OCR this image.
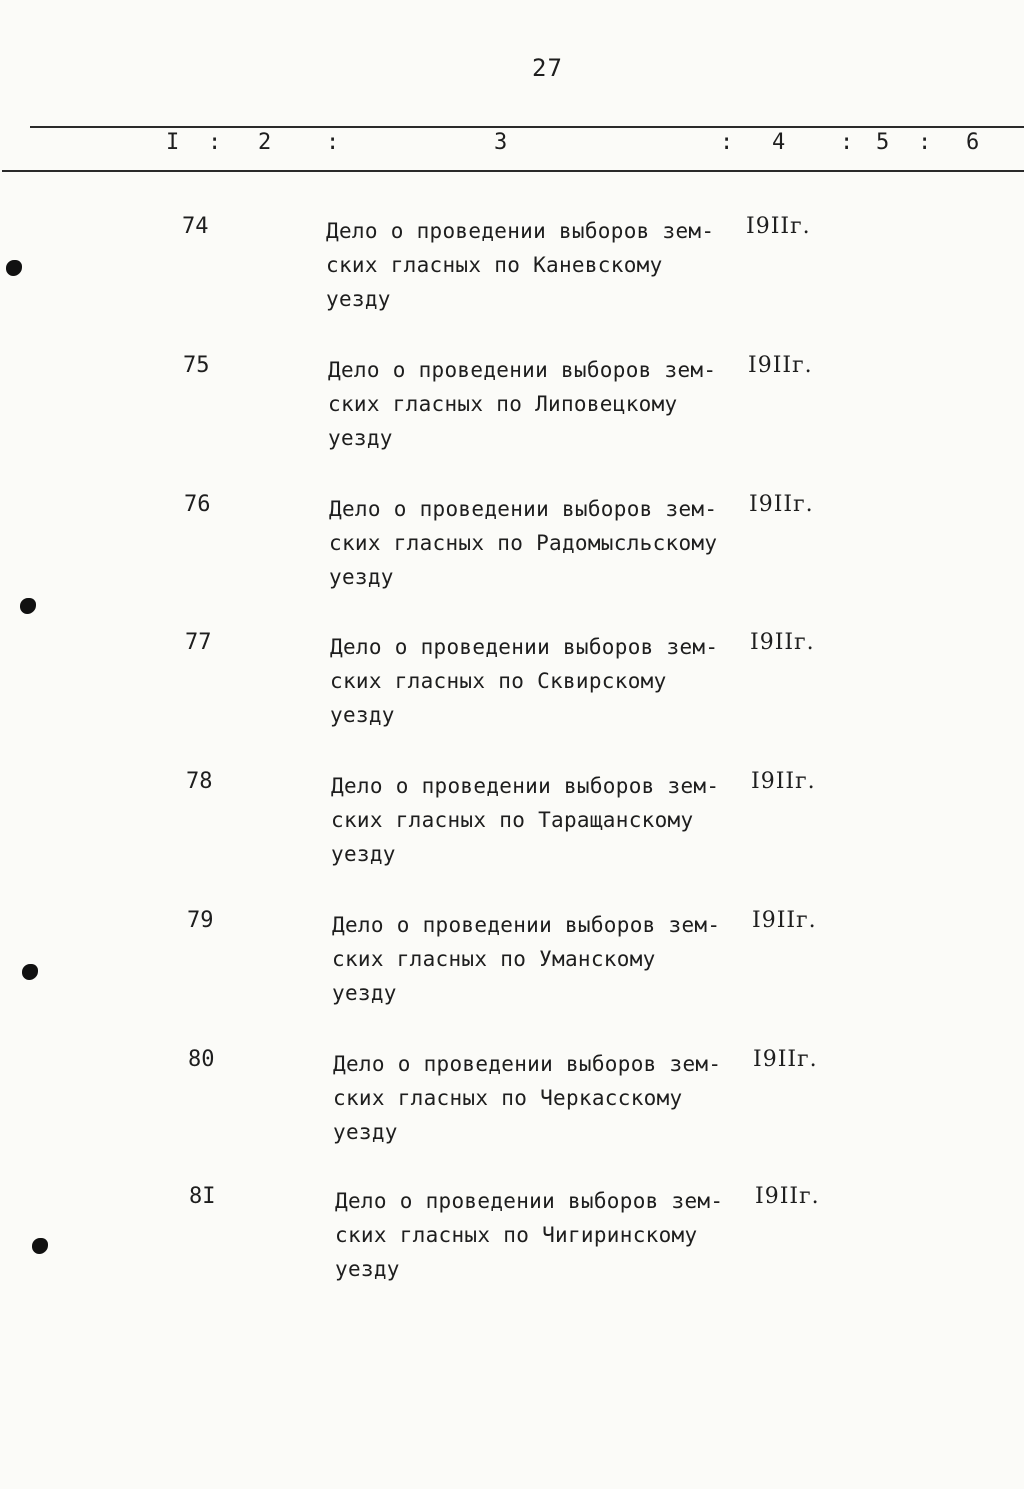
27
I : 2 :	3	: 4 : 5 : 6
74	Дело о проведении выборов зем-
ских гласных по Каневскому
уезду
I9IIг.
75	Дело о проведении выборов зем-
ских гласных по Липовецкому
уезду
I9IIг.
76	Дело о проведении выборов зем-
ских гласных по Радомысльскому
уезду
I9IIг.
77	Дело о проведении выборов зем-
ских гласных по Сквирскому
уезду
I9IIг.
78	Дело о проведении выборов зем-
ских гласных по Таращанскому
уезду
I9IIг.
79	Дело о проведении выборов зем-
ских гласных по Уманскому
уезду
I9IIг.
80	Дело о проведении выборов зем-
ских гласных по Черкасскому
уезду
I9IIг.
8I	Дело о проведении выборов зем-
ских гласных по Чигиринскому
уезду
I9IIг.
